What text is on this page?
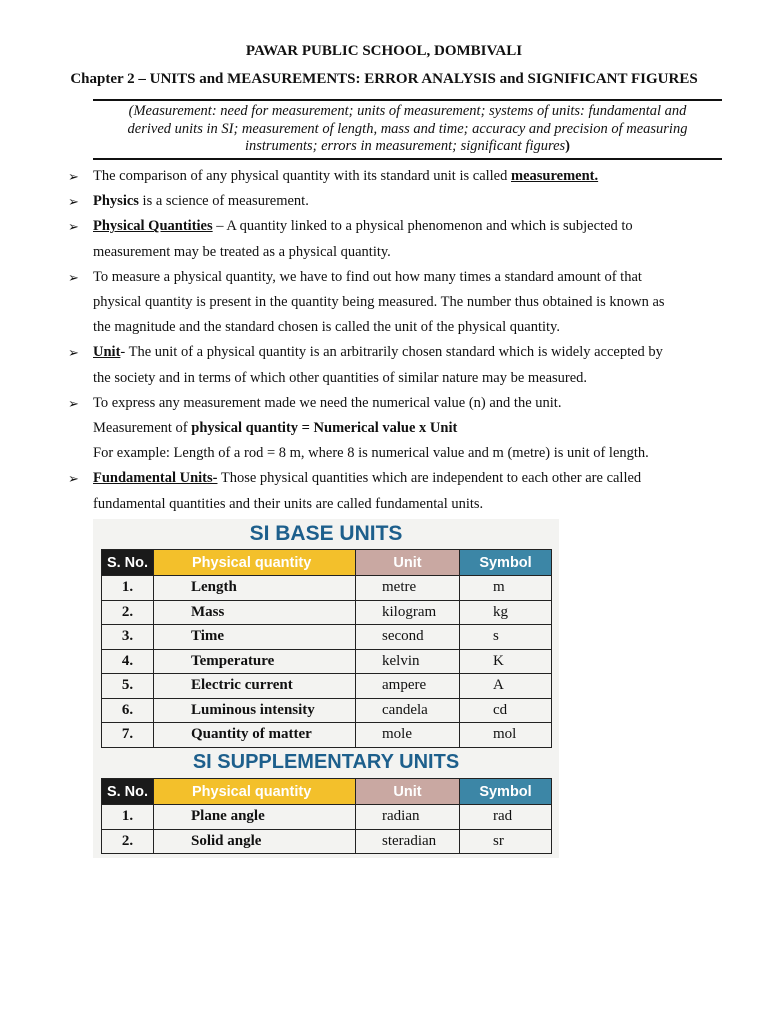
PAWAR PUBLIC SCHOOL, DOMBIVALI
Chapter 2 – UNITS and MEASUREMENTS: ERROR ANALYSIS and SIGNIFICANT FIGURES
(Measurement: need for measurement; units of measurement; systems of units: fundamental and
derived units in SI; measurement of length, mass and time; accuracy and precision of measuring
instruments; errors in measurement; significant figures)
➢ The comparison of any physical quantity with its standard unit is called measurement.
➢ Physics is a science of measurement.
➢ Physical Quantities – A quantity linked to a physical phenomenon and which is subjected to
measurement may be treated as a physical quantity.
➢ To measure a physical quantity, we have to find out how many times a standard amount of that
physical quantity is present in the quantity being measured. The number thus obtained is known as
the magnitude and the standard chosen is called the unit of the physical quantity.
➢ Unit- The unit of a physical quantity is an arbitrarily chosen standard which is widely accepted by
the society and in terms of which other quantities of similar nature may be measured.
➢ To express any measurement made we need the numerical value (n) and the unit.
Measurement of physical quantity = Numerical value x Unit
For example: Length of a rod = 8 m, where 8 is numerical value and m (metre) is unit of length.
➢ Fundamental Units- Those physical quantities which are independent to each other are called
fundamental quantities and their units are called fundamental units.
SI BASE UNITS
S. No.	Physical quantity	Unit	Symbol
1.	Length	metre	m
2.	Mass	kilogram	kg
3.	Time	second	s
4.	Temperature	kelvin	K
5.	Electric current	ampere	A
6.	Luminous intensity	candela	cd
7.	Quantity of matter	mole	mol
SI SUPPLEMENTARY UNITS
S. No.	Physical quantity	Unit	Symbol
1.	Plane angle	radian	rad
2.	Solid angle	steradian	sr
